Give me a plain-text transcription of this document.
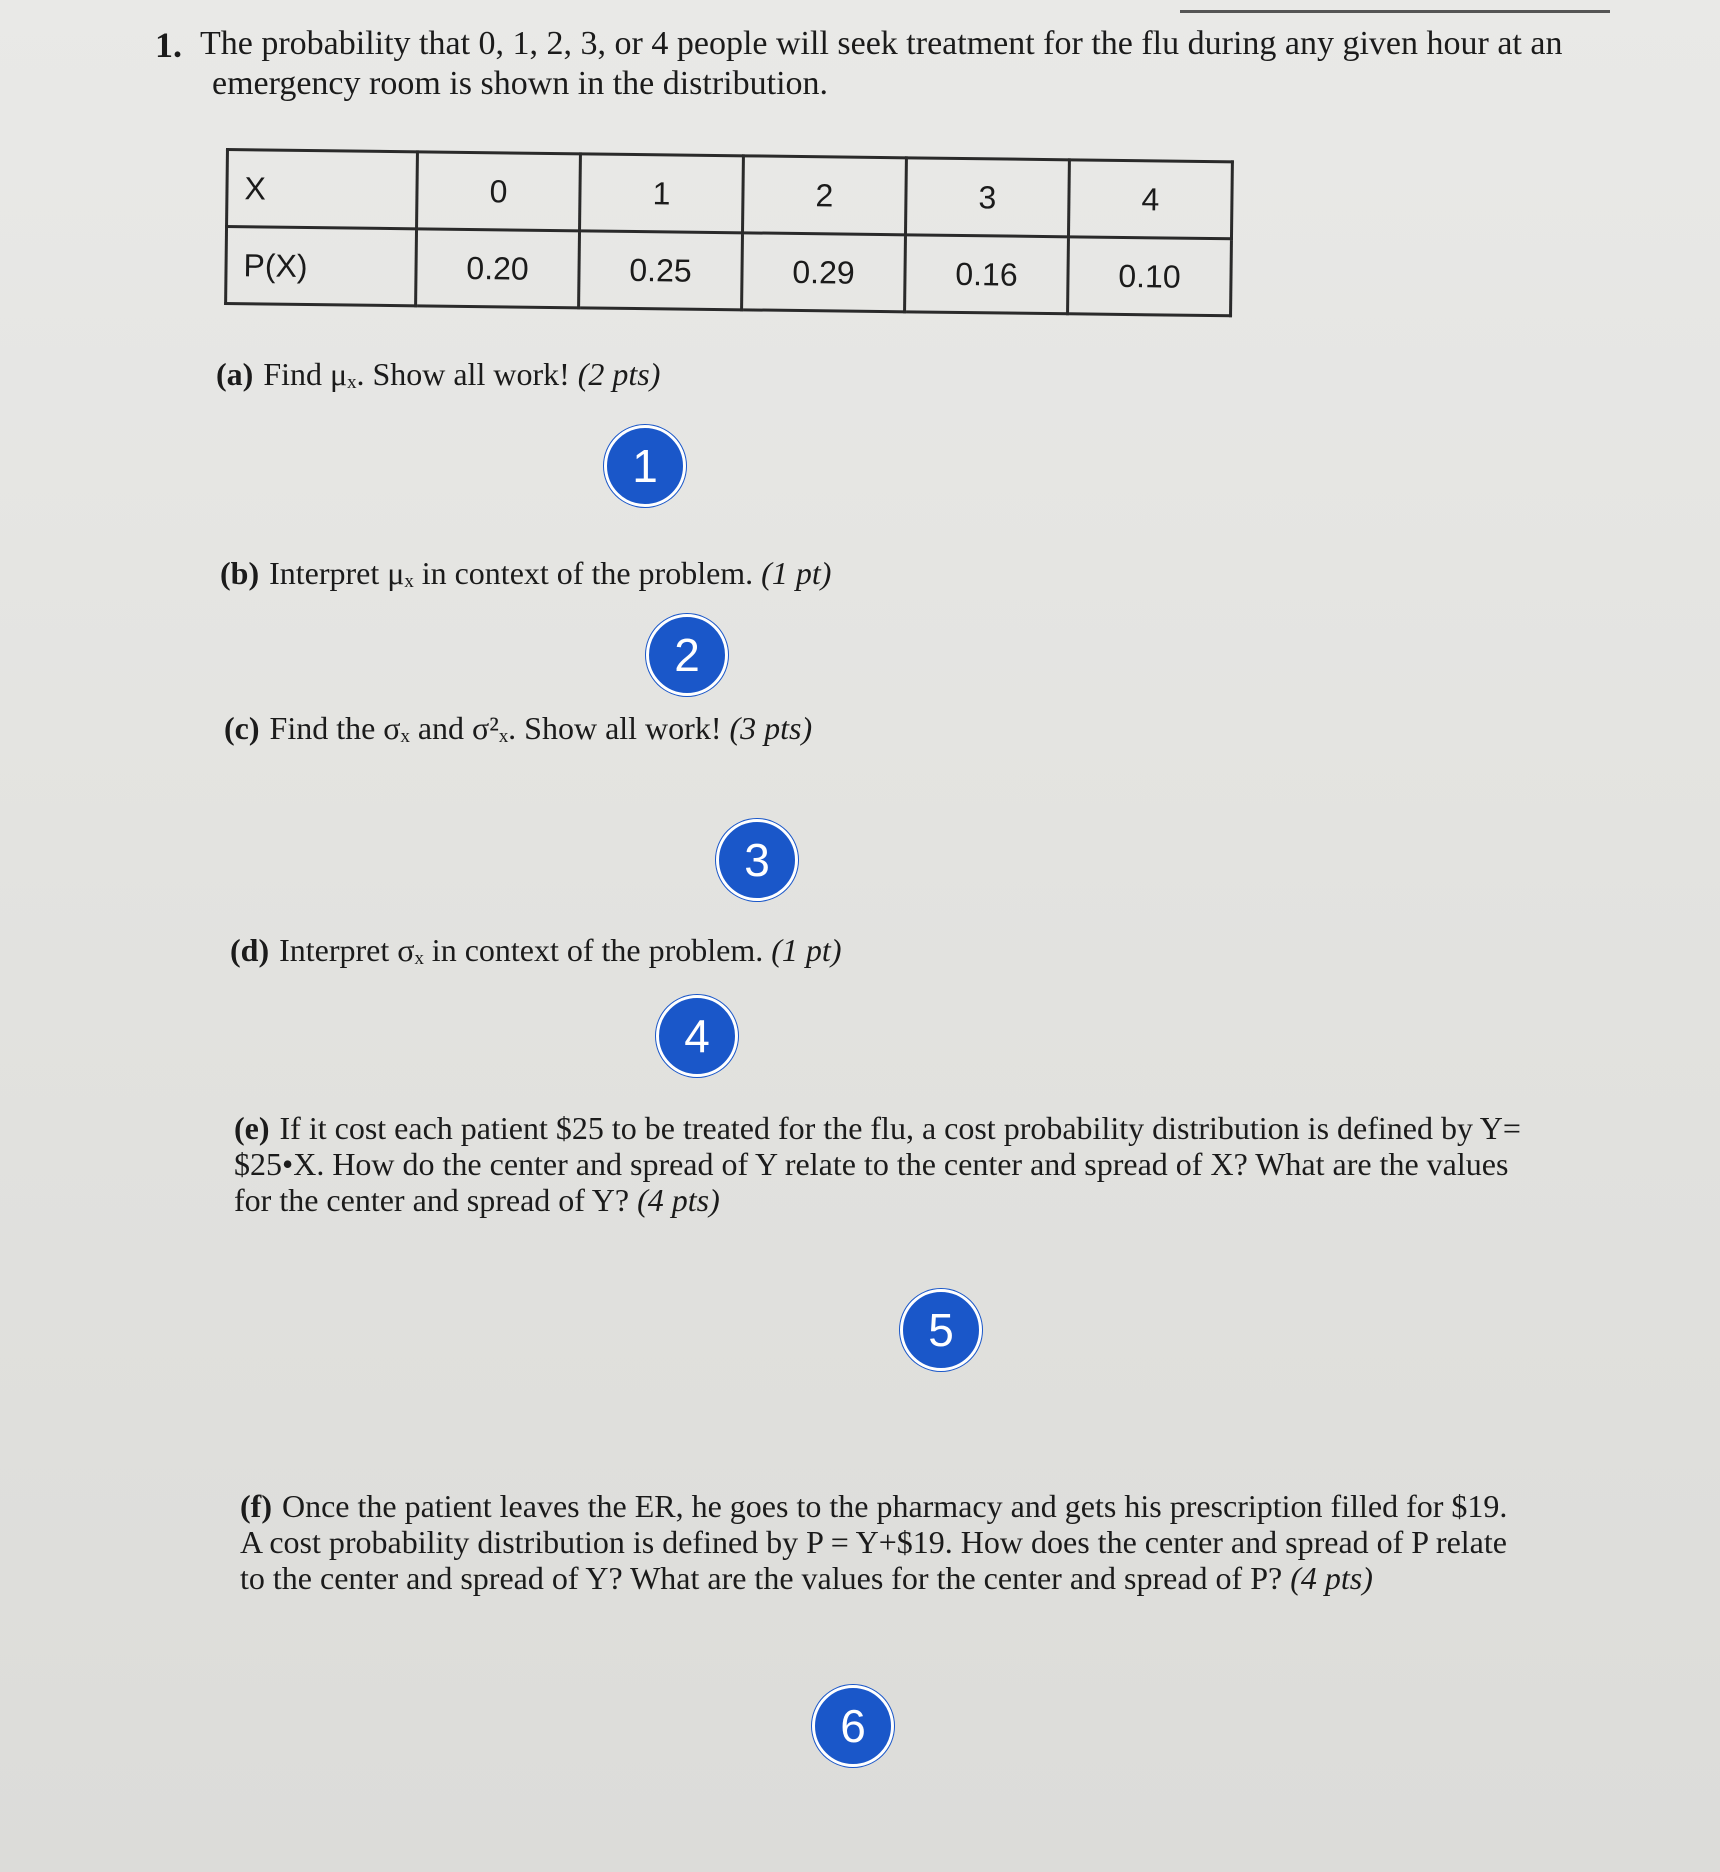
1. The probability that 0, 1, 2, 3, or 4 people will seek treatment for the flu during any given hour at an
emergency room is shown in the distribution.
X	0	1	2	3	4
P(X)	0.20	0.25	0.29	0.16	0.10
(a) Find μₓ. Show all work! (2 pts)
1
(b) Interpret μₓ in context of the problem. (1 pt)
2
(c) Find the σₓ and σ²ₓ. Show all work! (3 pts)
3
(d) Interpret σₓ in context of the problem. (1 pt)
4
(e) If it cost each patient $25 to be treated for the flu, a cost probability distribution is defined by Y=
$25•X. How do the center and spread of Y relate to the center and spread of X? What are the values
for the center and spread of Y? (4 pts)
5
(f) Once the patient leaves the ER, he goes to the pharmacy and gets his prescription filled for $19.
A cost probability distribution is defined by P = Y+$19. How does the center and spread of P relate
to the center and spread of Y? What are the values for the center and spread of P? (4 pts)
6
